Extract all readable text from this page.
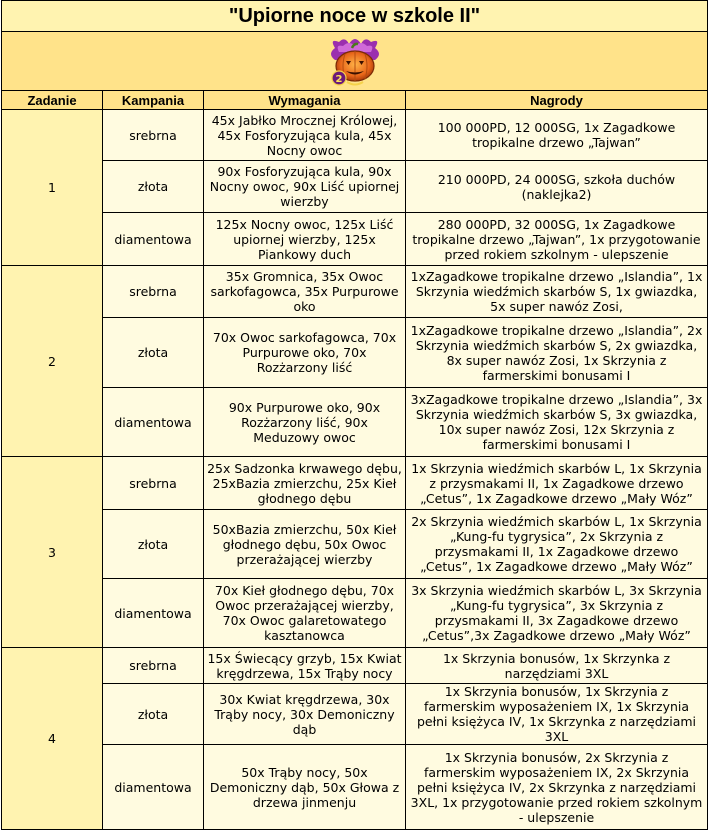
"Upiorne noce w szkole II"			

2			

Zadanie	Kampania	Wymagania	Nagrody
1	srebrna	45x Jabłko Mrocznej Królowej, 45x Fosforyzująca kula, 45x Nocny owoc	100 000PD, 12 000SG, 1x Zagadkowe tropikalne drzewo „Tajwan”
	złota	90x Fosforyzująca kula, 90x Nocny owoc, 90x Liść upiornej wierzby	210 000PD, 24 000SG, szkoła duchów (naklejka2)
	diamentowa	125x Nocny owoc, 125x Liść upiornej wierzby, 125x Piankowy duch	280 000PD, 32 000SG, 1x Zagadkowe tropikalne drzewo „Tajwan”, 1x przygotowanie przed rokiem szkolnym - ulepszenie
2	srebrna	35x Gromnica, 35x Owoc sarkofagowca, 35x Purpurowe oko	1xZagadkowe tropikalne drzewo „Islandia”, 1x Skrzynia wiedźmich skarbów S, 1x gwiazdka, 5x super nawóz Zosi,
	złota	70x Owoc sarkofagowca, 70x Purpurowe oko, 70x Rozżarzony liść	1xZagadkowe tropikalne drzewo „Islandia”, 2x Skrzynia wiedźmich skarbów S, 2x gwiazdka, 8x super nawóz Zosi, 1x Skrzynia z farmerskimi bonusami I
	diamentowa	90x Purpurowe oko, 90x Rozżarzony liść, 90x Meduzowy owoc	3xZagadkowe tropikalne drzewo „Islandia”, 3x Skrzynia wiedźmich skarbów S, 3x gwiazdka, 10x super nawóz Zosi, 12x Skrzynia z farmerskimi bonusami I
3	srebrna	25x Sadzonka krwawego dębu, 25xBazia zmierzchu, 25x Kieł głodnego dębu	1x Skrzynia wiedźmich skarbów L, 1x Skrzynia z przysmakami II, 1x Zagadkowe drzewo „Cetus”, 1x Zagadkowe drzewo „Mały Wóz”
	złota	50xBazia zmierzchu, 50x Kieł głodnego dębu, 50x Owoc przerażającej wierzby	2x Skrzynia wiedźmich skarbów L, 1x Skrzynia „Kung-fu tygrysica”, 2x Skrzynia z przysmakami II, 1x Zagadkowe drzewo „Cetus”, 1x Zagadkowe drzewo „Mały Wóz”
	diamentowa	70x Kieł głodnego dębu, 70x Owoc przerażającej wierzby, 70x Owoc galaretowatego kasztanowca	3x Skrzynia wiedźmich skarbów L, 3x Skrzynia „Kung-fu tygrysica”, 3x Skrzynia z przysmakami II, 3x Zagadkowe drzewo „Cetus”,3x Zagadkowe drzewo „Mały Wóz”
4	srebrna	15x Świecący grzyb, 15x Kwiat kręgdrzewa, 15x Trąby nocy	1x Skrzynia bonusów, 1x Skrzynka z narzędziami 3XL
	złota	30x Kwiat kręgdrzewa, 30x Trąby nocy, 30x Demoniczny dąb	1x Skrzynia bonusów, 1x Skrzynia z farmerskim wyposażeniem IX, 1x Skrzynia pełni księżyca IV, 1x Skrzynka z narzędziami 3XL
	diamentowa	50x Trąby nocy, 50x Demoniczny dąb, 50x Głowa z drzewa jinmenju	1x Skrzynia bonusów, 2x Skrzynia z farmerskim wyposażeniem IX, 2x Skrzynia pełni księżyca IV, 2x Skrzynka z narzędziami 3XL, 1x przygotowanie przed rokiem szkolnym - ulepszenie
